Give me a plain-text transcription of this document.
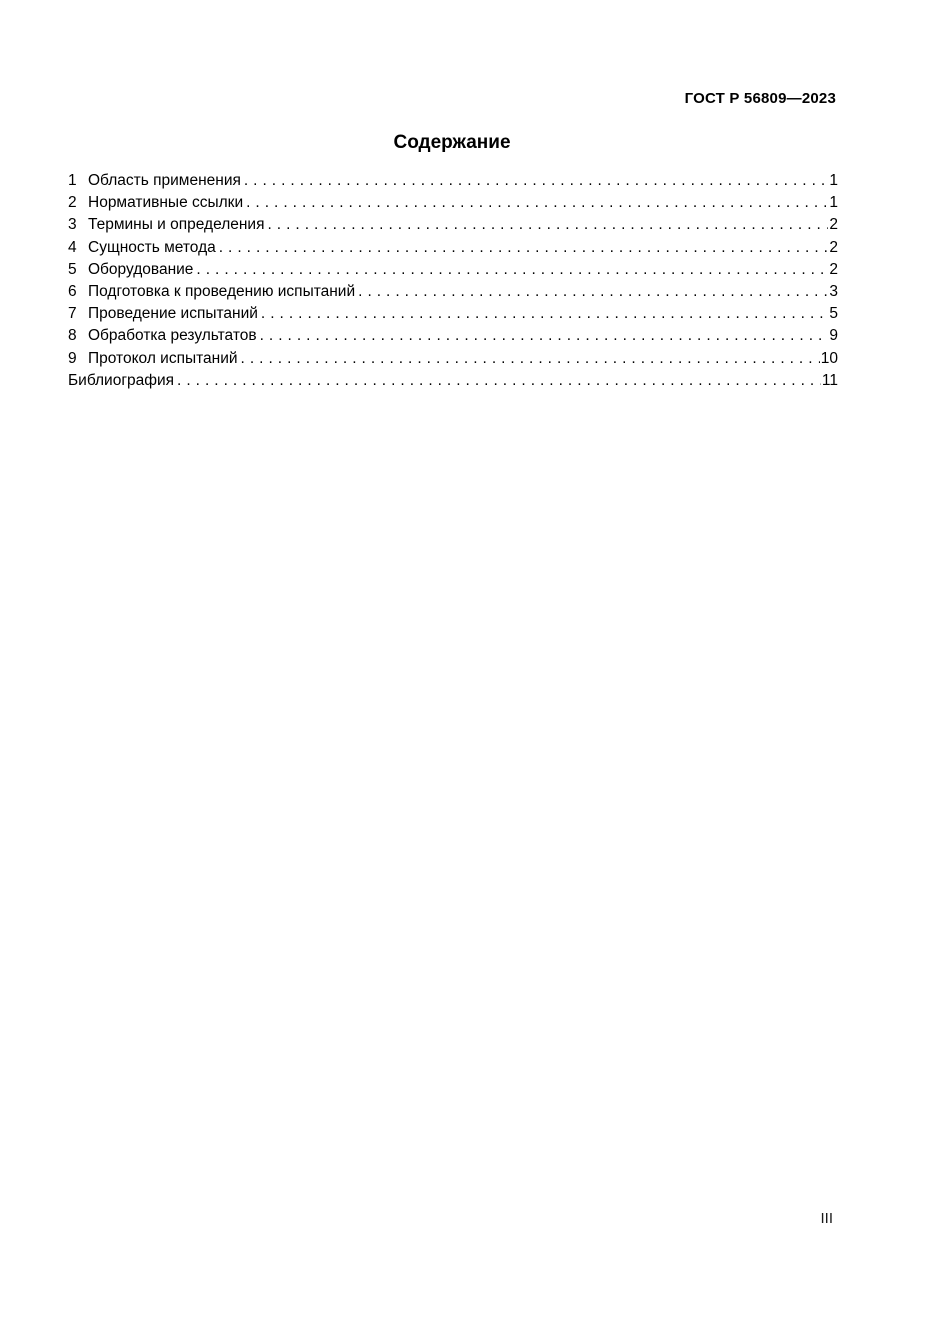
ГОСТ Р 56809—2023
Содержание
1 Область применения .....	1
2 Нормативные ссылки .....	1
3 Термины и определения .....	2
4 Сущность метода .....	2
5 Оборудование .....	2
6 Подготовка к проведению испытаний .....	3
7 Проведение испытаний .....	5
8 Обработка результатов .....	9
9 Протокол испытаний .....	10
Библиография .....	11
III
